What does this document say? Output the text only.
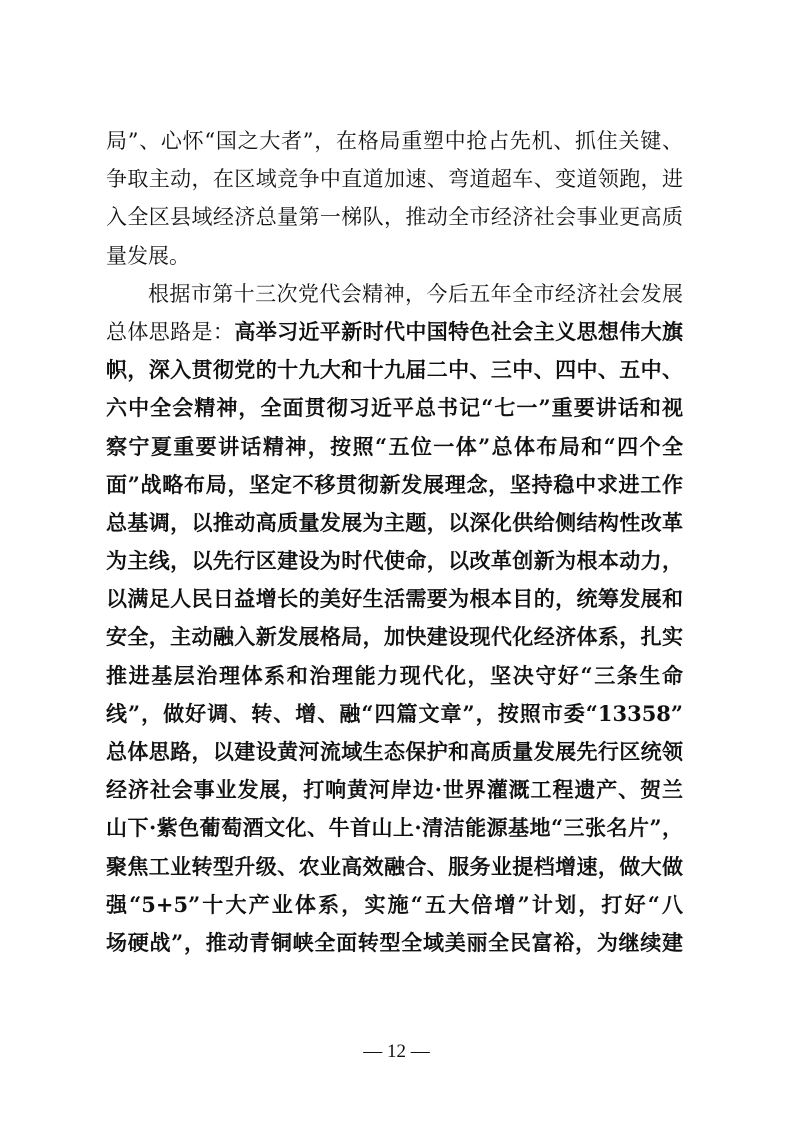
局”、心怀“国之大者”，在格局重塑中抢占先机、抓住关键、
争取主动，在区域竞争中直道加速、弯道超车、变道领跑，进
入全区县域经济总量第一梯队，推动全市经济社会事业更高质
量发展。
根据市第十三次党代会精神，今后五年全市经济社会发展
总体思路是：高举习近平新时代中国特色社会主义思想伟大旗
帜，深入贯彻党的十九大和十九届二中、三中、四中、五中、
六中全会精神，全面贯彻习近平总书记“七一”重要讲话和视
察宁夏重要讲话精神，按照“五位一体”总体布局和“四个全
面”战略布局，坚定不移贯彻新发展理念，坚持稳中求进工作
总基调，以推动高质量发展为主题，以深化供给侧结构性改革
为主线，以先行区建设为时代使命，以改革创新为根本动力，
以满足人民日益增长的美好生活需要为根本目的，统筹发展和
安全，主动融入新发展格局，加快建设现代化经济体系，扎实
推进基层治理体系和治理能力现代化，坚决守好“三条生命
线”，做好调、转、增、融“四篇文章”，按照市委“13358”
总体思路，以建设黄河流域生态保护和高质量发展先行区统领
经济社会事业发展，打响黄河岸边·世界灌溉工程遗产、贺兰
山下·紫色葡萄酒文化、牛首山上·清洁能源基地“三张名片”，
聚焦工业转型升级、农业高效融合、服务业提档增速，做大做
强“5+5”十大产业体系，实施“五大倍增”计划，打好“八
场硬战”，推动青铜峡全面转型全域美丽全民富裕，为继续建
— 12 —
